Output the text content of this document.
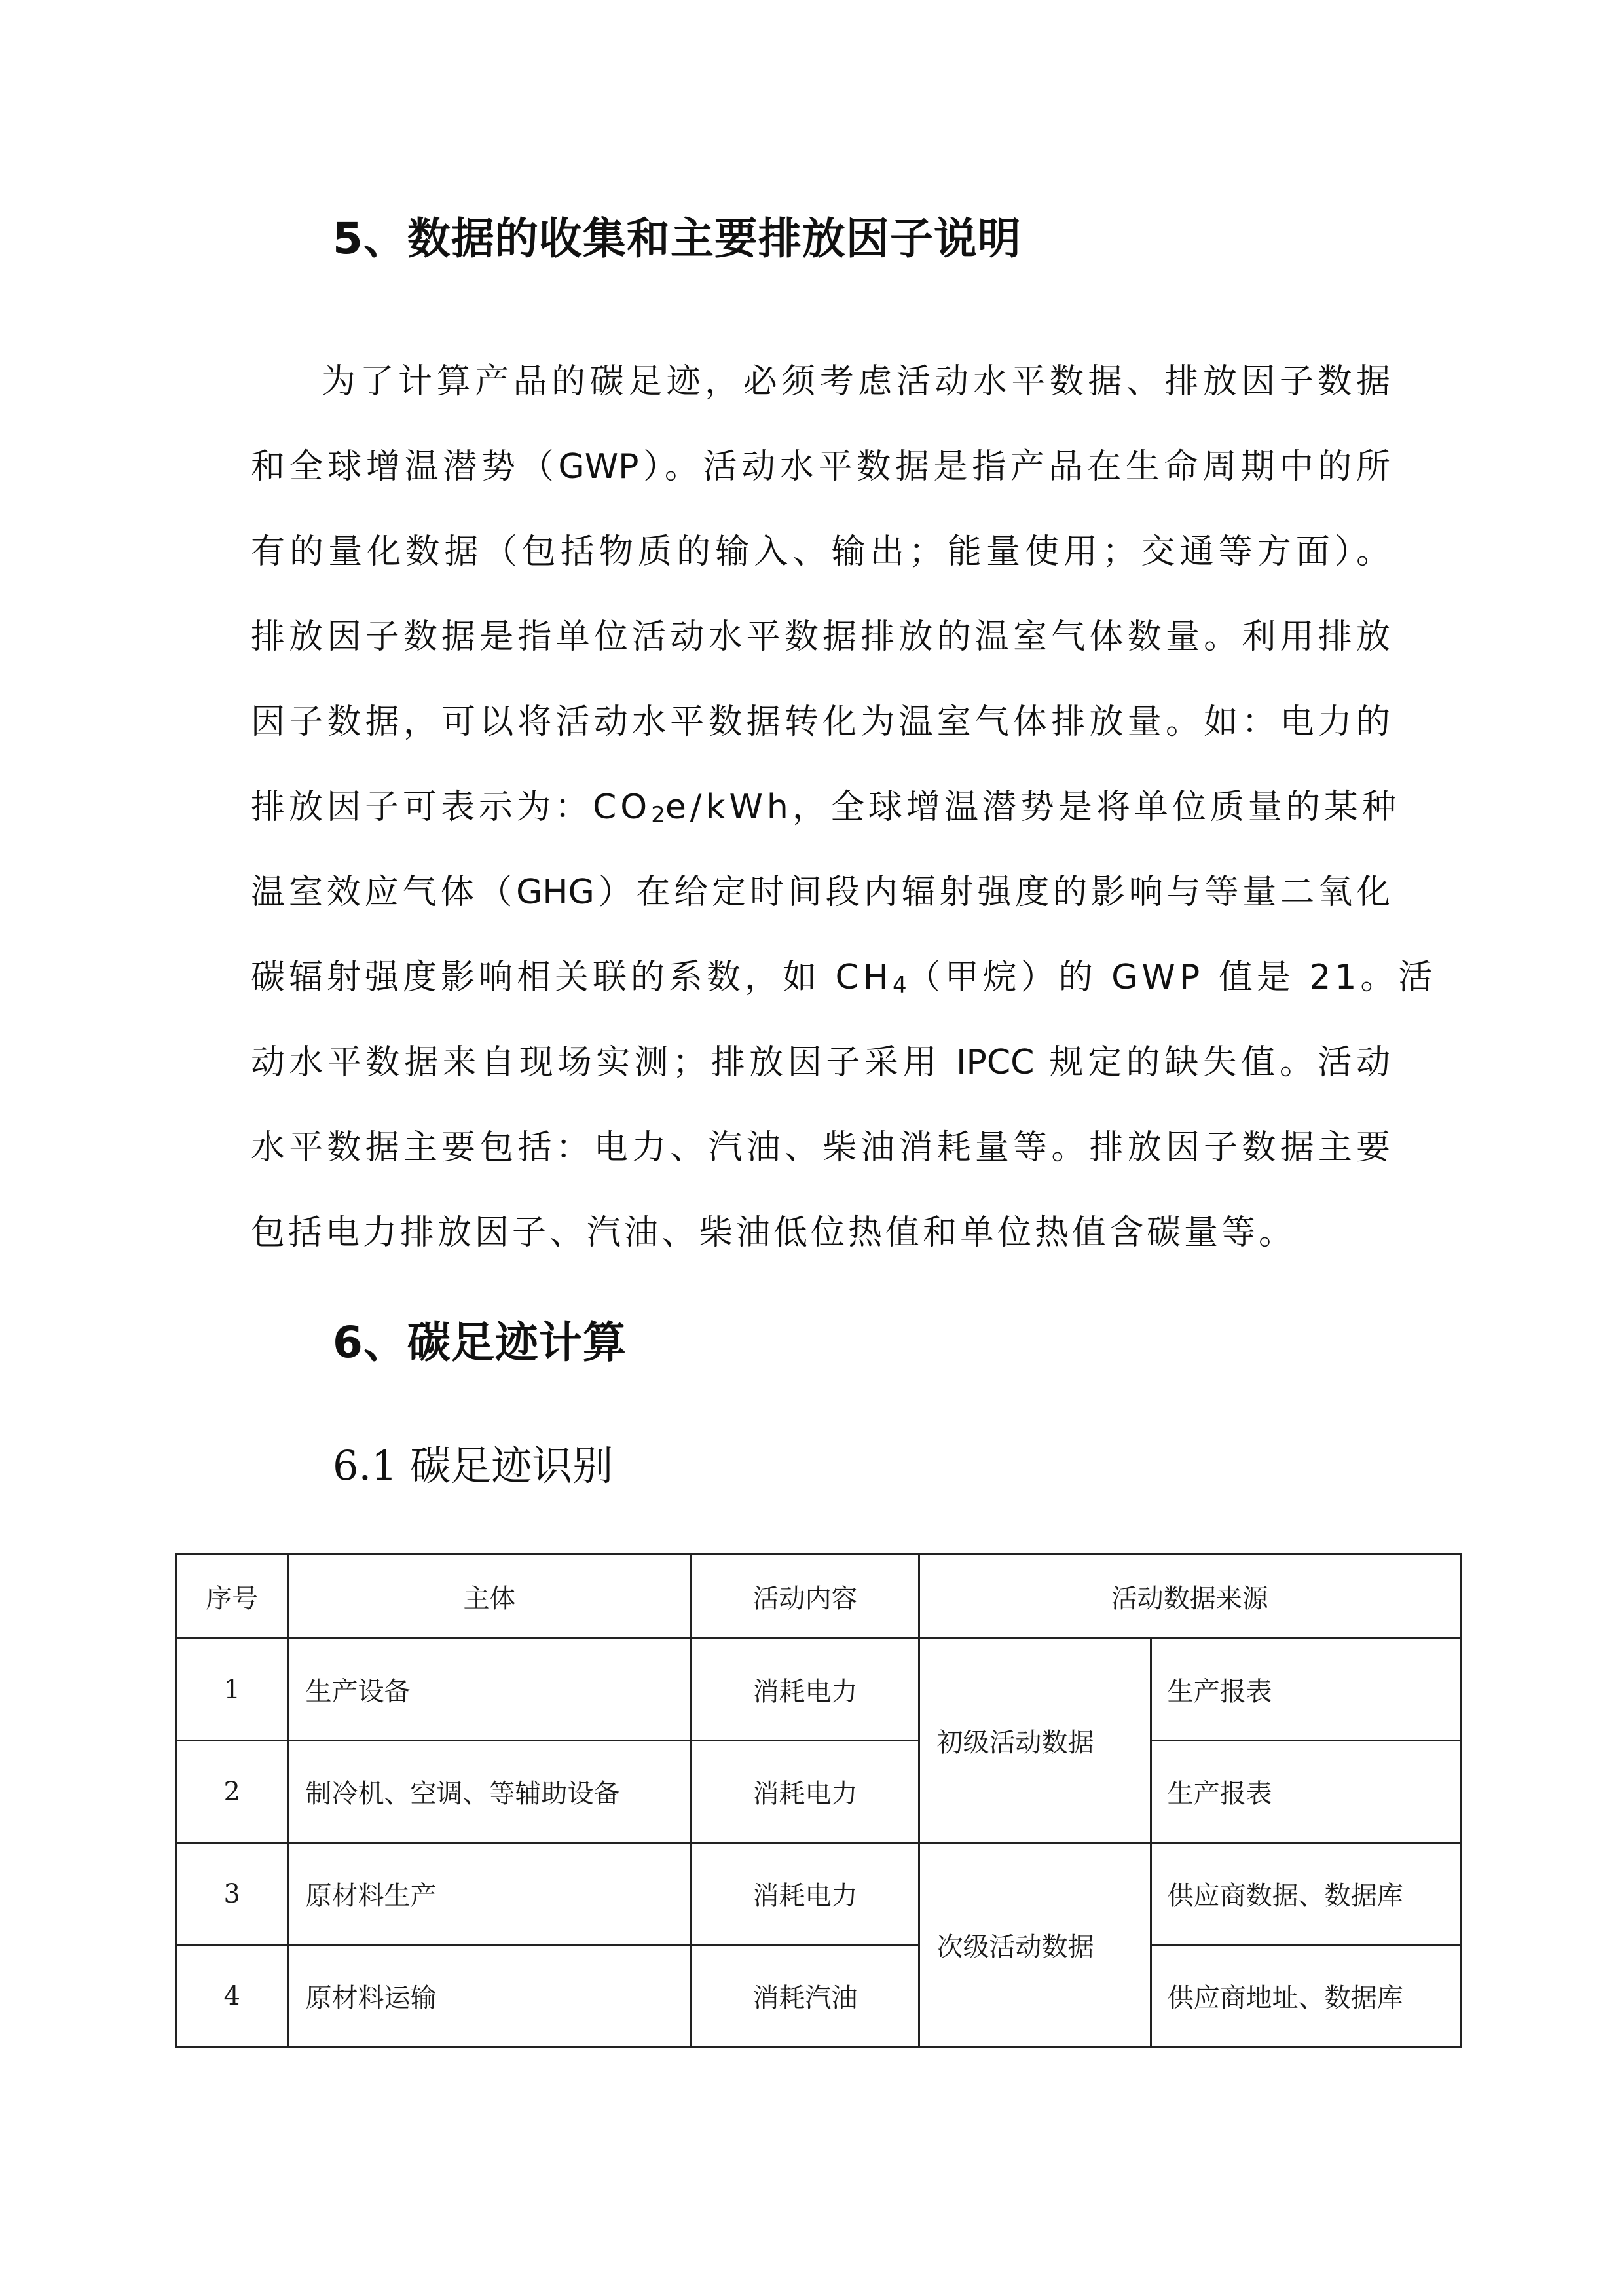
5、数据的收集和主要排放因子说明
为了计算产品的碳足迹，必须考虑活动水平数据、排放因子数据
和全球增温潜势（GWP）。活动水平数据是指产品在生命周期中的所
有的量化数据（包括物质的输入、输出；能量使用；交通等方面）。
排放因子数据是指单位活动水平数据排放的温室气体数量。利用排放
因子数据，可以将活动水平数据转化为温室气体排放量。如：电力的
排放因子可表示为：$CO_2e$/kWh，全球增温潜势是将单位质量的某种
温室效应气体（GHG）在给定时间段内辐射强度的影响与等量二氧化
碳辐射强度影响相关联的系数，如 $CH_4$（甲烷）的 GWP 值是 21。活
动水平数据来自现场实测；排放因子采用 IPCC 规定的缺失值。活动
水平数据主要包括：电力、汽油、柴油消耗量等。排放因子数据主要
包括电力排放因子、汽油、柴油低位热值和单位热值含碳量等。
6、碳足迹计算
6.1 碳足迹识别
序号	主体	活动内容	活动数据来源	
1	生产设备	消耗电力	初级活动数据	生产报表
2	制冷机、空调、等辅助设备	消耗电力		生产报表
3	原材料生产	消耗电力	次级活动数据	供应商数据、数据库
4	原材料运输	消耗汽油		供应商地址、数据库
